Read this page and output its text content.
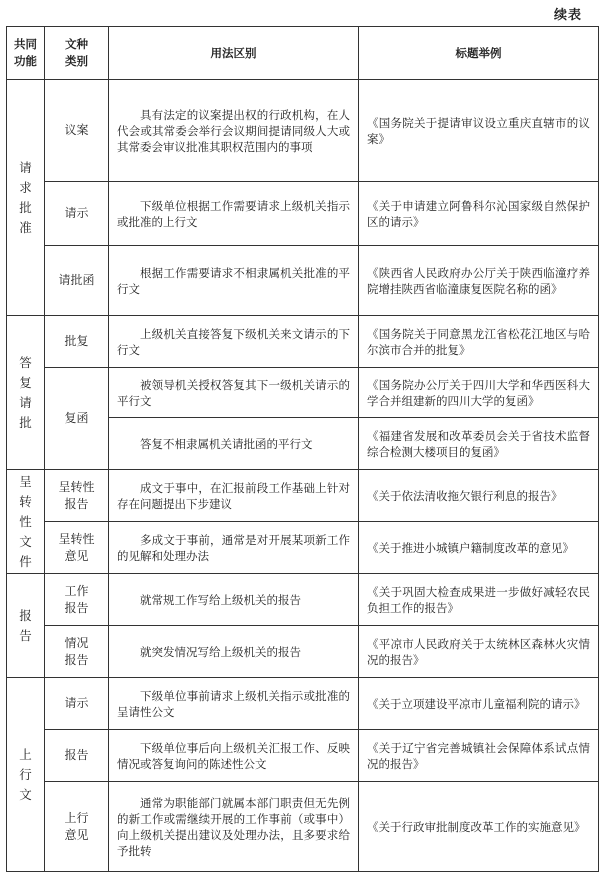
续表
共同功能	文种类别	用法区别	标题举例

请求批准	议案	具有法定的议案提出权的行政机构，在人代会或其常委会举行会议期间提请同级人大或其常委会审议批准其职权范围内的事项	《国务院关于提请审议设立重庆直辖市的议案》
	请示	下级单位根据工作需要请求上级机关指示或批准的上行文	《关于申请建立阿鲁科尔沁国家级自然保护区的请示》
	请批函	根据工作需要请求不相隶属机关批准的平行文	《陕西省人民政府办公厅关于陕西临潼疗养院增挂陕西省临潼康复医院名称的函》

答复请批	批复	上级机关直接答复下级机关来文请示的下行文	《国务院关于同意黑龙江省松花江地区与哈尔滨市合并的批复》
	复函	被领导机关授权答复其下一级机关请示的平行文	《国务院办公厅关于四川大学和华西医科大学合并组建新的四川大学的复函》
		答复不相隶属机关请批函的平行文	《福建省发展和改革委员会关于省技术监督综合检测大楼项目的复函》

呈转性文件	呈转性报告	成文于事中，在汇报前段工作基础上针对存在问题提出下步建议	《关于依法清收拖欠银行利息的报告》

	呈转性意见	多成文于事前，通常是对开展某项新工作的见解和处理办法	《关于推进小城镇户籍制度改革的意见》

报告	工作报告	就常规工作写给上级机关的报告	《关于巩固大检查成果进一步做好减轻农民负担工作的报告》

	情况报告	就突发情况写给上级机关的报告	《平凉市人民政府关于太统林区森林火灾情况的报告》

上行文	请示	下级单位事前请求上级机关指示或批准的呈请性公文	《关于立项建设平凉市儿童福利院的请示》
	报告	下级单位事后向上级机关汇报工作、反映情况或答复询问的陈述性公文	《关于辽宁省完善城镇社会保障体系试点情况的报告》

	上行意见	通常为职能部门就属本部门职责但无先例的新工作或需继续开展的工作事前（或事中）向上级机关提出建议及处理办法，且多要求给予批转	《关于行政审批制度改革工作的实施意见》
